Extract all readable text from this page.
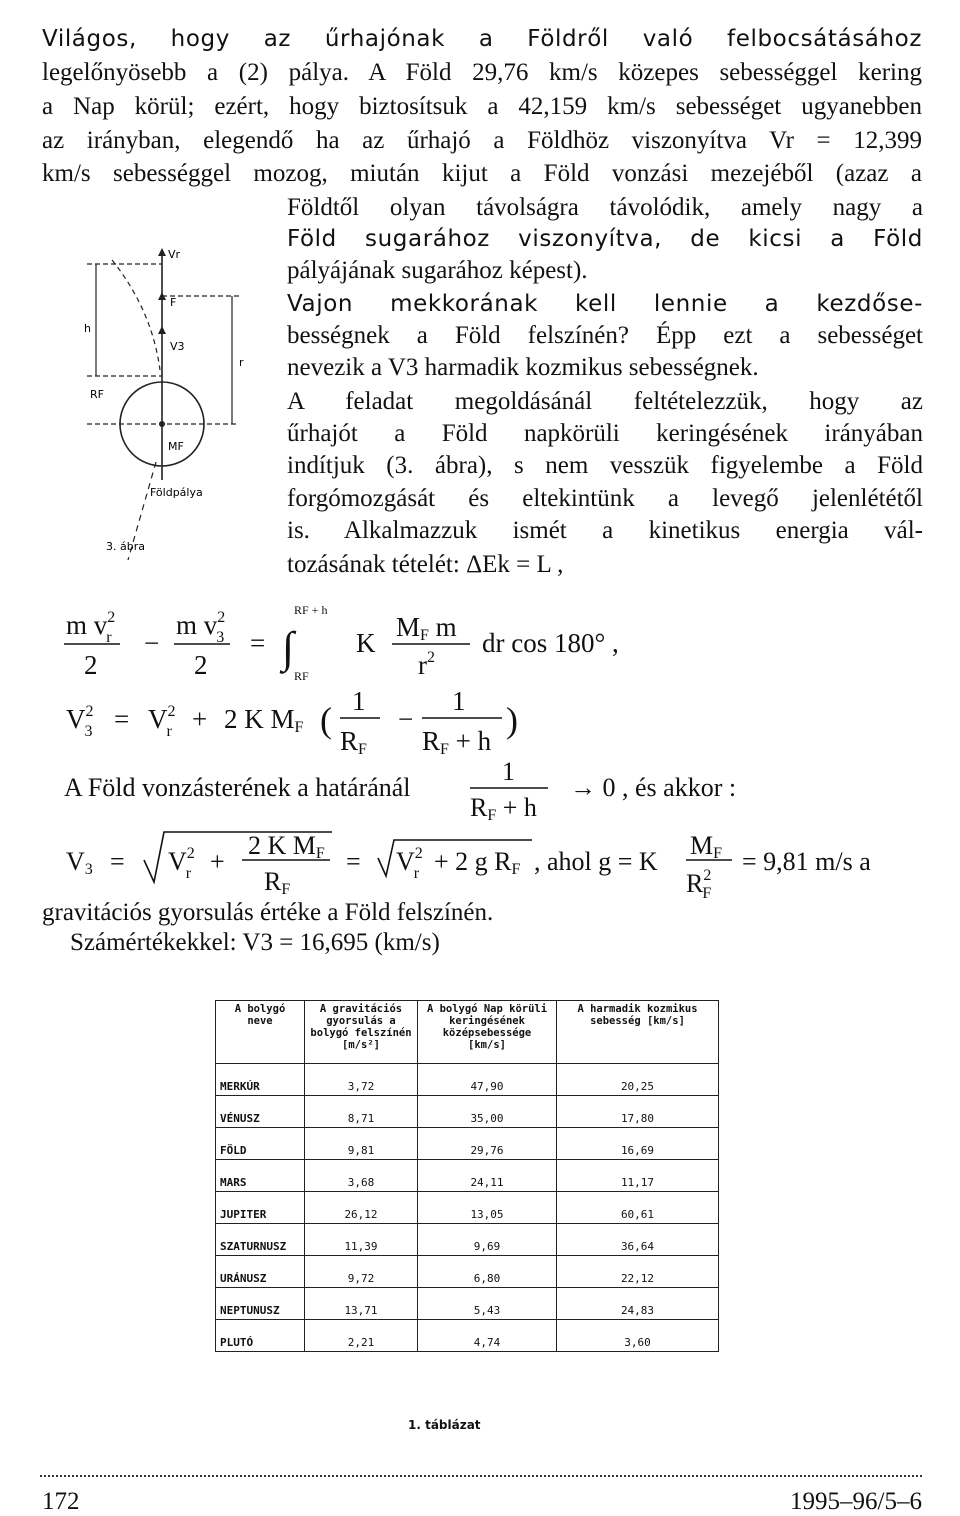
Világos, hogy az űrhajónak a Földről való felbocsátásához
legelőnyösebb a (2) pálya. A Föld 29,76 km/s közepes sebességgel kering
a Nap körül; ezért, hogy biztosítsuk a 42,159 km/s sebességet ugyanebben
az irányban, elegendő ha az űrhajó a Földhöz viszonyítva Vr = 12,399
km/s sebességgel mozog, miután kijut a Föld vonzási mezejéből (azaz a
Földtől olyan távolságra távolódik, amely nagy a
Föld sugarához viszonyítva, de kicsi a Föld
pályájának sugarához képest).
Vajon mekkorának kell lennie a kezdőse-
bességnek a Föld felszínén? Épp ezt a sebességet
nevezik a V3 harmadik kozmikus sebességnek.
A feladat megoldásánál feltételezzük, hogy az
űrhajót a Föld napkörüli keringésének irányában
indítjuk (3. ábra), s nem vesszük figyelembe a Föld
forgómozgását és eltekintünk a levegő jelenlététől
is. Alkalmazzuk ismét a kinetikus energia vál-
tozásának tételét: ΔEk = L ,
Vr
F
V3
h
r
RF
MF
Földpálya
3. ábra
m $v^2$ r
2
−
m $v^2$ 3
2
= ∫
RF + h
RF
K
MF m
$r^2$ dr cos 180° ,
$V^2$ $3 = V^2$ r + 2 K MF ( 1
RF
−
1
RF + h
)
A Föld vonzásterének a határánál
1
RF + h
→ 0 , és akkor :
$V3 = V^2$ r +
2 K MF
RF
= $V^2$ r + 2 g RF , ahol g = K
MF
$R^2$ F
= 9,81 m/s a
gravitációs gyorsulás értéke a Föld felszínén.
Számértékekkel: V3 = 16,695 (km/s)
A bolygó neve	A gravitációs gyorsulás a bolygó felszínén [m/s²]	A bolygó Nap körüli keringésének középsebessége [km/s]	A harmadik kozmikus sebesség [km/s]
MERKÚR	3,72	47,90	20,25
VÉNUSZ	8,71	35,00	17,80
FÖLD	9,81	29,76	16,69
MARS	3,68	24,11	11,17
JUPITER	26,12	13,05	60,61
SZATURNUSZ	11,39	9,69	36,64
URÁNUSZ	9,72	6,80	22,12
NEPTUNUSZ	13,71	5,43	24,83
PLUTÓ	2,21	4,74	3,60
1. táblázat
172	1995–96/5–6
